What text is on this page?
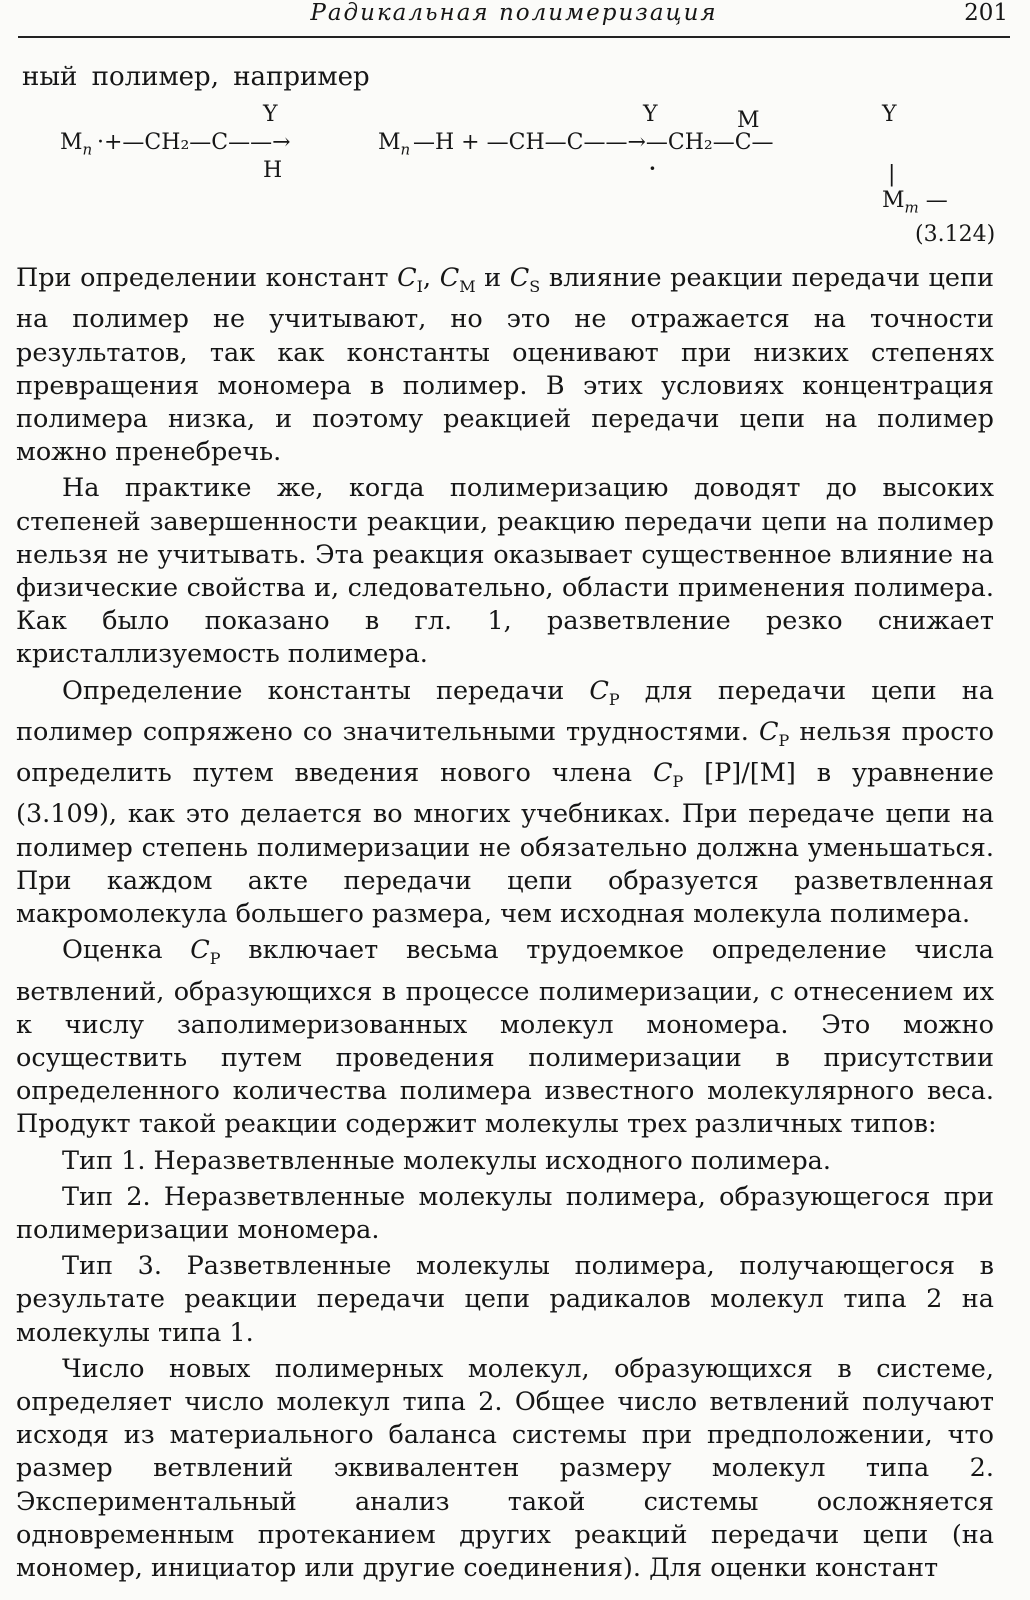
Радикальная полимеризация	201
ный полимер, например
Y	Y	M	Y
$M_n$ ·+—CH₂—C——→	$M_n$ —H + —CH—C——→—CH₂—C—
H	·	|
$M_m$ —
(3.124)

При определении констант $C_I$, $C_M$ и $C_S$ влияние реакции передачи цепи на полимер не учитывают, но это не отражается на точности результатов, так как константы оценивают при низких степенях превращения мономера в полимер. В этих условиях концентрация полимера низка, и поэтому реакцией передачи цепи на полимер можно пренебречь.

На практике же, когда полимеризацию доводят до высоких степеней завершенности реакции, реакцию передачи цепи на полимер нельзя не учитывать. Эта реакция оказывает существенное влияние на физические свойства и, следовательно, области применения полимера. Как было показано в гл. 1, разветвление резко снижает кристаллизуемость полимера.

Определение константы передачи $C_P$ для передачи цепи на полимер сопряжено со значительными трудностями. $C_P$ нельзя просто определить путем введения нового члена $C_P$ [P]/[M] в уравнение (3.109), как это делается во многих учебниках. При передаче цепи на полимер степень полимеризации не обязательно должна уменьшаться. При каждом акте передачи цепи образуется разветвленная макромолекула большего размера, чем исходная молекула полимера.

Оценка $C_P$ включает весьма трудоемкое определение числа ветвлений, образующихся в процессе полимеризации, с отнесением их к числу заполимеризованных молекул мономера. Это можно осуществить путем проведения полимеризации в присутствии определенного количества полимера известного молекулярного веса. Продукт такой реакции содержит молекулы трех различных типов:

Тип 1. Неразветвленные молекулы исходного полимера.

Тип 2. Неразветвленные молекулы полимера, образующегося при полимеризации мономера.

Тип 3. Разветвленные молекулы полимера, получающегося в результате реакции передачи цепи радикалов молекул типа 2 на молекулы типа 1.

Число новых полимерных молекул, образующихся в системе, определяет число молекул типа 2. Общее число ветвлений получают исходя из материального баланса системы при предположении, что размер ветвлений эквивалентен размеру молекул типа 2. Экспериментальный анализ такой системы осложняется одновременным протеканием других реакций передачи цепи (на мономер, инициатор или другие соединения). Для оценки констант
